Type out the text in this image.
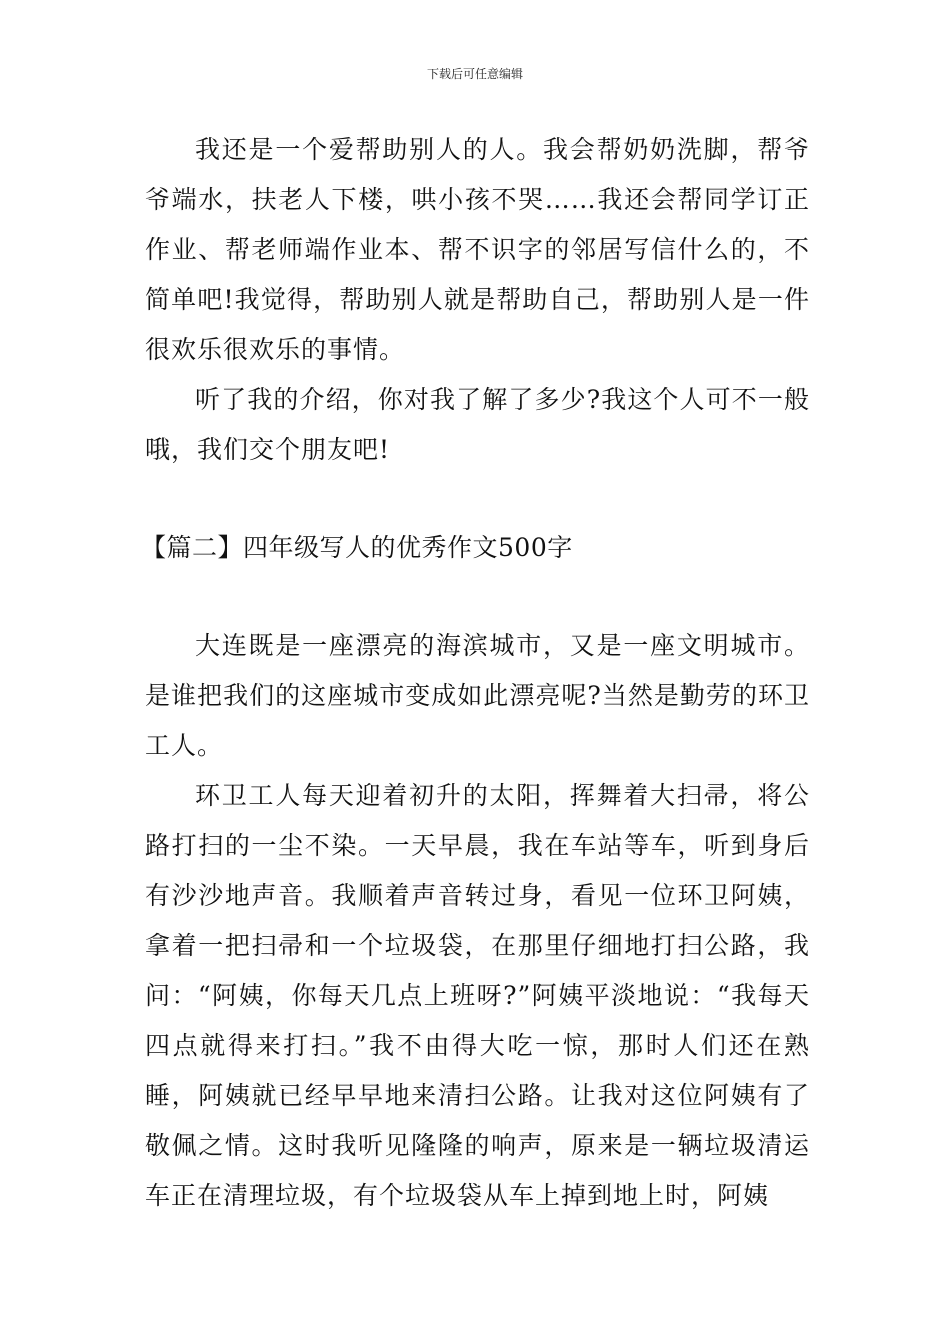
下载后可任意编辑

我还是一个爱帮助别人的人。我会帮奶奶洗脚，帮爷爷端水，扶老人下楼，哄小孩不哭……我还会帮同学订正作业、帮老师端作业本、帮不识字的邻居写信什么的，不简单吧!我觉得，帮助别人就是帮助自己，帮助别人是一件很欢乐很欢乐的事情。

听了我的介绍，你对我了解了多少?我这个人可不一般哦，我们交个朋友吧!

【篇二】四年级写人的优秀作文500字

大连既是一座漂亮的海滨城市，又是一座文明城市。是谁把我们的这座城市变成如此漂亮呢?当然是勤劳的环卫工人。

环卫工人每天迎着初升的太阳，挥舞着大扫帚，将公路打扫的一尘不染。一天早晨，我在车站等车，听到身后有沙沙地声音。我顺着声音转过身，看见一位环卫阿姨，拿着一把扫帚和一个垃圾袋，在那里仔细地打扫公路，我问：“阿姨，你每天几点上班呀?”阿姨平淡地说：“我每天四点就得来打扫。”我不由得大吃一惊，那时人们还在熟睡，阿姨就已经早早地来清扫公路。让我对这位阿姨有了敬佩之情。这时我听见隆隆的响声，原来是一辆垃圾清运车正在清理垃圾，有个垃圾袋从车上掉到地上时，阿姨
